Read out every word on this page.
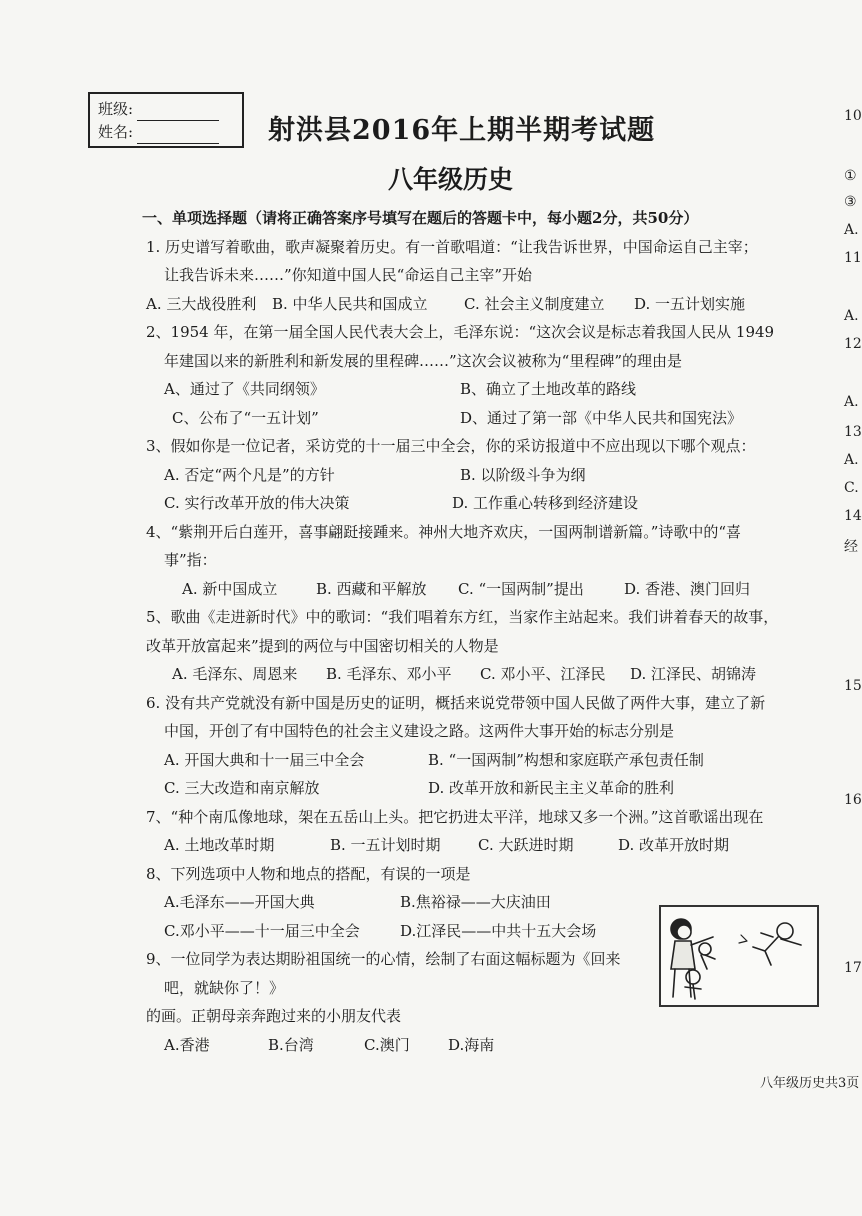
班级:
姓名:	射洪县2016年上期半期考试题
八年级历史
一、单项选择题（请将正确答案序号填写在题后的答题卡中，每小题2分，共50分）
1. 历史谱写着歌曲，歌声凝聚着历史。有一首歌唱道：“让我告诉世界，中国命运自己主宰；
让我告诉未来……”你知道中国人民“命运自己主宰”开始
A. 三大战役胜利 B. 中华人民共和国成立 C. 社会主义制度建立 D. 一五计划实施
2、1954 年，在第一届全国人民代表大会上，毛泽东说：“这次会议是标志着我国人民从 1949
年建国以来的新胜利和新发展的里程碑……”这次会议被称为“里程碑”的理由是
A、通过了《共同纲领》	B、确立了土地改革的路线
C、公布了“一五计划”	D、通过了第一部《中华人民共和国宪法》
3、假如你是一位记者，采访党的十一届三中全会，你的采访报道中不应出现以下哪个观点：
A. 否定“两个凡是”的方针	B. 以阶级斗争为纲
C. 实行改革开放的伟大决策	D. 工作重心转移到经济建设
4、“紫荆开后白莲开，喜事翩跹接踵来。神州大地齐欢庆，一国两制谱新篇。”诗歌中的“喜
事”指：
A. 新中国成立	B. 西藏和平解放 C. “一国两制”提出	D. 香港、澳门回归
5、歌曲《走进新时代》中的歌词：“我们唱着东方红，当家作主站起来。我们讲着春天的故事，
改革开放富起来”提到的两位与中国密切相关的人物是
A. 毛泽东、周恩来 B. 毛泽东、邓小平 C. 邓小平、江泽民 D. 江泽民、胡锦涛
6. 没有共产党就没有新中国是历史的证明，概括来说党带领中国人民做了两件大事，建立了新
中国，开创了有中国特色的社会主义建设之路。这两件大事开始的标志分别是
A. 开国大典和十一届三中全会	B. “一国两制”构想和家庭联产承包责任制
C. 三大改造和南京解放	D. 改革开放和新民主主义革命的胜利
7、“种个南瓜像地球，架在五岳山上头。把它扔进太平洋，地球又多一个洲。”这首歌谣出现在
A. 土地改革时期	B. 一五计划时期 C. 大跃进时期	D. 改革开放时期
8、下列选项中人物和地点的搭配，有误的一项是
A.毛泽东——开国大典	B.焦裕禄——大庆油田
C.邓小平——十一届三中全会	D.江泽民——中共十五大会场
9、一位同学为表达期盼祖国统一的心情，绘制了右面这幅标题为《回来
吧，就缺你了！》
的画。正朝母亲奔跑过来的小朋友代表
A.香港	B.台湾	C.澳门	D.海南
10
①
③
A.
11
A.
12
A.
13
A.
C.
14
经
15
16
17
八年级历史共3页
